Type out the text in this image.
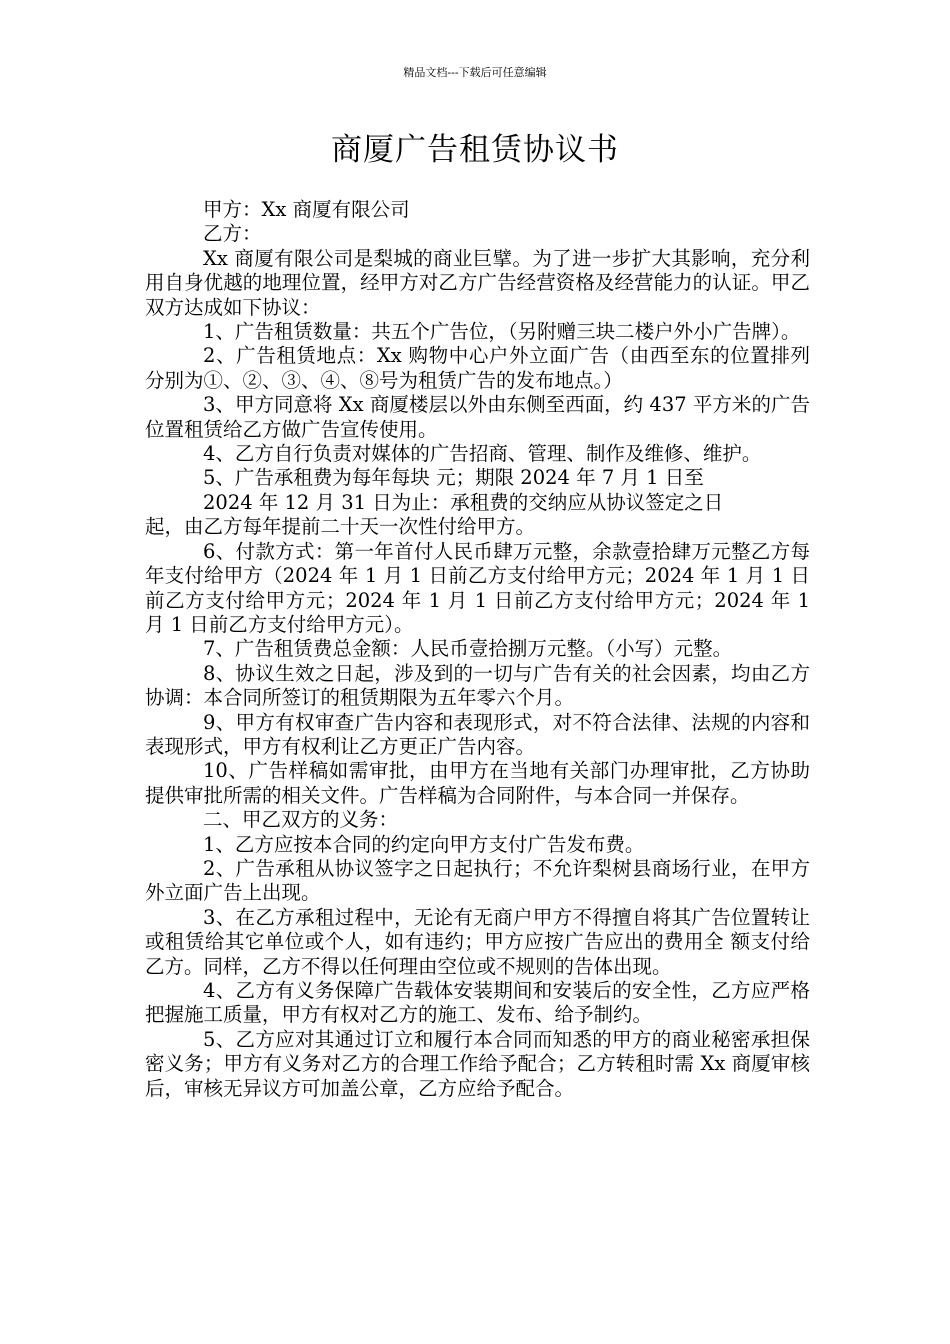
精品文档---下载后可任意编辑
商厦广告租赁协议书

甲方：Xx 商厦有限公司

乙方：

Xx 商厦有限公司是梨城的商业巨擘。为了进一步扩大其影响，充分利用自身优越的地理位置，经甲方对乙方广告经营资格及经营能力的认证。甲乙双方达成如下协议：

1、广告租赁数量：共五个广告位，（另附赠三块二楼户外小广告牌）。

2、广告租赁地点：Xx 购物中心户外立面广告（由西至东的位置排列分别为①、②、③、④、⑧号为租赁广告的发布地点。）

3、甲方同意将 Xx 商厦楼层以外由东侧至西面，约 437 平方米的广告位置租赁给乙方做广告宣传使用。

4、乙方自行负责对媒体的广告招商、管理、制作及维修、维护。

5、广告承租费为每年每块 元；期限 2024 年 7 月 1 日至
2024 年 12 月 31 日为止：承租费的交纳应从协议签定之日
起，由乙方每年提前二十天一次性付给甲方。

6、付款方式：第一年首付人民币肆万元整，余款壹拾肆万元整乙方每年支付给甲方（2024 年 1 月 1 日前乙方支付给甲方元；2024 年 1 月 1 日前乙方支付给甲方元；2024 年 1 月 1 日前乙方支付给甲方元；2024 年 1 月 1 日前乙方支付给甲方元）。

7、广告租赁费总金额：人民币壹拾捌万元整。（小写）元整。

8、协议生效之日起，涉及到的一切与广告有关的社会因素，均由乙方协调：本合同所签订的租赁期限为五年零六个月。

9、甲方有权审查广告内容和表现形式，对不符合法律、法规的内容和表现形式，甲方有权利让乙方更正广告内容。

10、广告样稿如需审批，由甲方在当地有关部门办理审批，乙方协助提供审批所需的相关文件。广告样稿为合同附件，与本合同一并保存。

二、甲乙双方的义务：

1、乙方应按本合同的约定向甲方支付广告发布费。

2、广告承租从协议签字之日起执行；不允许梨树县商场行业，在甲方外立面广告上出现。

3、在乙方承租过程中，无论有无商户甲方不得擅自将其广告位置转让或租赁给其它单位或个人，如有违约；甲方应按广告应出的费用全 额支付给乙方。同样，乙方不得以任何理由空位或不规则的告体出现。

4、乙方有义务保障广告载体安装期间和安装后的安全性，乙方应严格把握施工质量，甲方有权对乙方的施工、发布、给予制约。

5、乙方应对其通过订立和履行本合同而知悉的甲方的商业秘密承担保密义务；甲方有义务对乙方的合理工作给予配合；乙方转租时需 Xx 商厦审核后，审核无异议方可加盖公章，乙方应给予配合。
